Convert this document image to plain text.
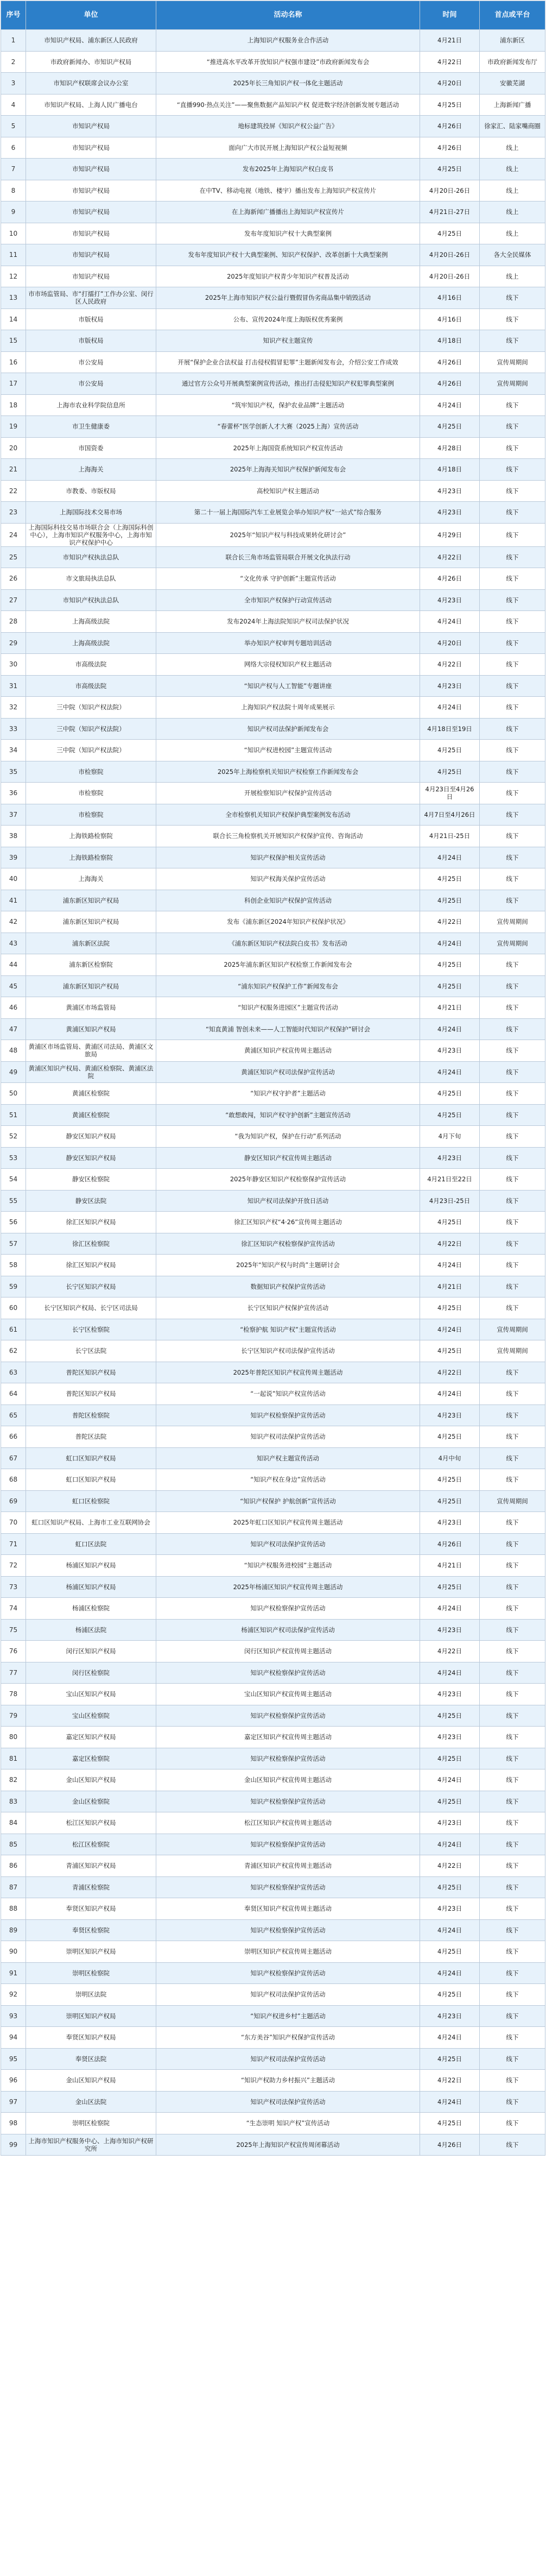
序号	单位	活动名称	时间	首点或平台
1	市知识产权局、浦东新区人民政府	上海知识产权服务业合作活动	4月21日	浦东新区
2	市政府新闻办、市知识产权局	“推进高水平改革开放知识产权强市建设”市政府新闻发布会	4月22日	市政府新闻发布厅
3	市知识产权联席会议办公室	2025年长三角知识产权一体化主题活动	4月20日	安徽芜湖
4	市知识产权局、上海人民广播电台	“直播990·热点关注”——聚焦数据产品知识产权 促进数字经济创新发展专题活动	4月25日	上海新闻广播
5	市知识产权局	地标建筑投屏《知识产权公益广告》	4月26日	徐家汇、陆家嘴商圈
6	市知识产权局	面向广大市民开展上海知识产权公益短视频	4月26日	线上
7	市知识产权局	发布2025年上海知识产权白皮书	4月25日	线上
8	市知识产权局	在中TV、移动电视（地铁、楼宇）播出发布上海知识产权宣传片	4月20日-26日	线上
9	市知识产权局	在上海新闻广播播出上海知识产权宣传片	4月21日-27日	线上
10	市知识产权局	发布年度知识产权十大典型案例	4月25日	线上
11	市知识产权局	发布年度知识产权十大典型案例、知识产权保护、改革创新十大典型案例	4月20日-26日	各大全民媒体
12	市知识产权局	2025年度知识产权青少年知识产权普及活动	4月20日-26日	线上
13	市市场监管局、市“打擂打”工作办公室、闵行区人民政府	2025年上海市知识产权公益行暨假冒伪劣商品集中销毁活动	4月16日	线下
14	市版权局	公布、宣传2024年度上海版权优秀案例	4月16日	线下
15	市版权局	知识产权主题宣传	4月18日	线下
16	市公安局	开展“保护企业合法权益 打击侵权假冒犯罪”主题新闻发布会，介绍公安工作成效	4月26日	宣传周期间
17	市公安局	通过官方公众号开展典型案例宣传活动，推出打击侵犯知识产权犯罪典型案例	4月26日	宣传周期间
18	上海市农业科学院信息所	“筑牢知识产权，保护农业品牌”主题活动	4月24日	线下
19	市卫生健康委	“春蕾杯”医学创新人才大赛（2025上海）宣传活动	4月25日	线下
20	市国资委	2025年上海国资系统知识产权宣传活动	4月28日	线下
21	上海海关	2025年上海海关知识产权保护新闻发布会	4月18日	线下
22	市教委、市版权局	高校知识产权主题活动	4月23日	线下
23	上海国际技术交易市场	第二十一届上海国际汽车工业展览会举办知识产权“一站式”综合服务	4月23日	线下
24	上海国际科技交易市场联合会（上海国际科创中心），上海市知识产权服务中心，上海市知识产权保护中心	2025年“知识产权与科技成果转化研讨会”	4月29日	线下
25	市知识产权执法总队	联合长三角市场监管局联合开展文化执法行动	4月22日	线下
26	市文旅局执法总队	“文化传承 守护创新”主题宣传活动	4月26日	线下
27	市知识产权执法总队	全市知识产权保护行动宣传活动	4月23日	线下
28	上海高级法院	发布2024年上海法院知识产权司法保护状况	4月24日	线下
29	上海高级法院	举办知识产权审判专题培训活动	4月20日	线下
30	市高级法院	网络大宗侵权知识产权主题活动	4月22日	线下
31	市高级法院	“知识产权与人工智能”专题讲座	4月23日	线下
32	三中院（知识产权法院）	上海知识产权法院十周年成果展示	4月24日	线下
33	三中院（知识产权法院）	知识产权司法保护新闻发布会	4月18日至19日	线下
34	三中院（知识产权法院）	“知识产权进校园”主题宣传活动	4月25日	线下
35	市检察院	2025年上海检察机关知识产权检察工作新闻发布会	4月25日	线下
36	市检察院	开展检察知识产权保护宣传活动	4月23日至4月26日	线下
37	市检察院	全市检察机关知识产权保护典型案例发布活动	4月7日至4月26日	线下
38	上海铁路检察院	联合长三角检察机关开展知识产权保护宣传、咨询活动	4月21日-25日	线下
39	上海铁路检察院	知识产权保护相关宣传活动	4月24日	线下
40	上海海关	知识产权海关保护宣传活动	4月25日	线下
41	浦东新区知识产权局	科创企业知识产权保护宣传活动	4月25日	线下
42	浦东新区知识产权局	发布《浦东新区2024年知识产权保护状况》	4月22日	宣传周期间
43	浦东新区法院	《浦东新区知识产权法院白皮书》发布活动	4月24日	宣传周期间
44	浦东新区检察院	2025年浦东新区知识产权检察工作新闻发布会	4月25日	线下
45	浦东新区知识产权局	“浦东知识产权保护工作”新闻发布会	4月25日	线下
46	黄浦区市场监管局	“知识产权服务进园区”主题宣传活动	4月21日	线下
47	黄浦区知识产权局	“知直黄浦 智创未来——人工智能时代知识产权保护”研讨会	4月24日	线下
48	黄浦区市场监管局、黄浦区司法局、黄浦区文旅局	黄浦区知识产权宣传周主题活动	4月23日	线下
49	黄浦区知识产权局、黄浦区检察院、黄浦区法院	黄浦区知识产权司法保护宣传活动	4月24日	线下
50	黄浦区检察院	“知识产权守护者”主题活动	4月25日	线下
51	黄浦区检察院	“敢想敢闯，知识产权守护创新”主题宣传活动	4月25日	线下
52	静安区知识产权局	“我为知识产权，保护在行动”系列活动	4月下旬	线下
53	静安区知识产权局	静安区知识产权宣传周主题活动	4月23日	线下
54	静安区检察院	2025年静安区知识产权检察保护宣传活动	4月21日至22日	线下
55	静安区法院	知识产权司法保护开放日活动	4月23日-25日	线下
56	徐汇区知识产权局	徐汇区知识产权“4·26”宣传周主题活动	4月25日	线下
57	徐汇区检察院	徐汇区知识产权检察保护宣传活动	4月22日	线下
58	徐汇区知识产权局	2025年“知识产权与时尚”主题研讨会	4月24日	线下
59	长宁区知识产权局	数据知识产权保护宣传活动	4月21日	线下
60	长宁区知识产权局、长宁区司法局	长宁区知识产权保护宣传活动	4月25日	线下
61	长宁区检察院	“检察护航 知识产权”主题宣传活动	4月24日	宣传周期间
62	长宁区法院	长宁区知识产权司法保护宣传活动	4月25日	宣传周期间
63	普陀区知识产权局	2025年普陀区知识产权宣传周主题活动	4月22日	线下
64	普陀区知识产权局	“一起说”知识产权宣传活动	4月24日	线下
65	普陀区检察院	知识产权检察保护宣传活动	4月23日	线下
66	普陀区法院	知识产权司法保护宣传活动	4月25日	线下
67	虹口区知识产权局	知识产权主题宣传活动	4月中旬	线下
68	虹口区知识产权局	“知识产权在身边”宣传活动	4月25日	线下
69	虹口区检察院	“知识产权保护 护航创新”宣传活动	4月25日	宣传周期间
70	虹口区知识产权局、上海市工业互联网协会	2025年虹口区知识产权宣传周主题活动	4月23日	线下
71	虹口区法院	知识产权司法保护宣传活动	4月26日	线下
72	杨浦区知识产权局	“知识产权服务进校园”主题活动	4月21日	线下
73	杨浦区知识产权局	2025年杨浦区知识产权宣传周主题活动	4月25日	线下
74	杨浦区检察院	知识产权检察保护宣传活动	4月24日	线下
75	杨浦区法院	杨浦区知识产权司法保护宣传活动	4月23日	线下
76	闵行区知识产权局	闵行区知识产权宣传周主题活动	4月22日	线下
77	闵行区检察院	知识产权检察保护宣传活动	4月24日	线下
78	宝山区知识产权局	宝山区知识产权宣传周主题活动	4月23日	线下
79	宝山区检察院	知识产权检察保护宣传活动	4月25日	线下
80	嘉定区知识产权局	嘉定区知识产权宣传周主题活动	4月23日	线下
81	嘉定区检察院	知识产权检察保护宣传活动	4月25日	线下
82	金山区知识产权局	金山区知识产权宣传周主题活动	4月24日	线下
83	金山区检察院	知识产权检察保护宣传活动	4月25日	线下
84	松江区知识产权局	松江区知识产权宣传周主题活动	4月23日	线下
85	松江区检察院	知识产权检察保护宣传活动	4月24日	线下
86	青浦区知识产权局	青浦区知识产权宣传周主题活动	4月22日	线下
87	青浦区检察院	知识产权检察保护宣传活动	4月25日	线下
88	奉贤区知识产权局	奉贤区知识产权宣传周主题活动	4月23日	线下
89	奉贤区检察院	知识产权检察保护宣传活动	4月24日	线下
90	崇明区知识产权局	崇明区知识产权宣传周主题活动	4月25日	线下
91	崇明区检察院	知识产权检察保护宣传活动	4月24日	线下
92	崇明区法院	知识产权司法保护宣传活动	4月25日	线下
93	崇明区知识产权局	“知识产权进乡村”主题活动	4月23日	线下
94	奉贤区知识产权局	“东方美谷”知识产权保护宣传活动	4月24日	线下
95	奉贤区法院	知识产权司法保护宣传活动	4月25日	线下
96	金山区知识产权局	“知识产权助力乡村振兴”主题活动	4月22日	线下
97	金山区法院	知识产权司法保护宣传活动	4月24日	线下
98	崇明区检察院	“生态崇明 知识产权”宣传活动	4月25日	线下
99	上海市知识产权服务中心、上海市知识产权研究所	2025年上海知识产权宣传周闭幕活动	4月26日	线下
